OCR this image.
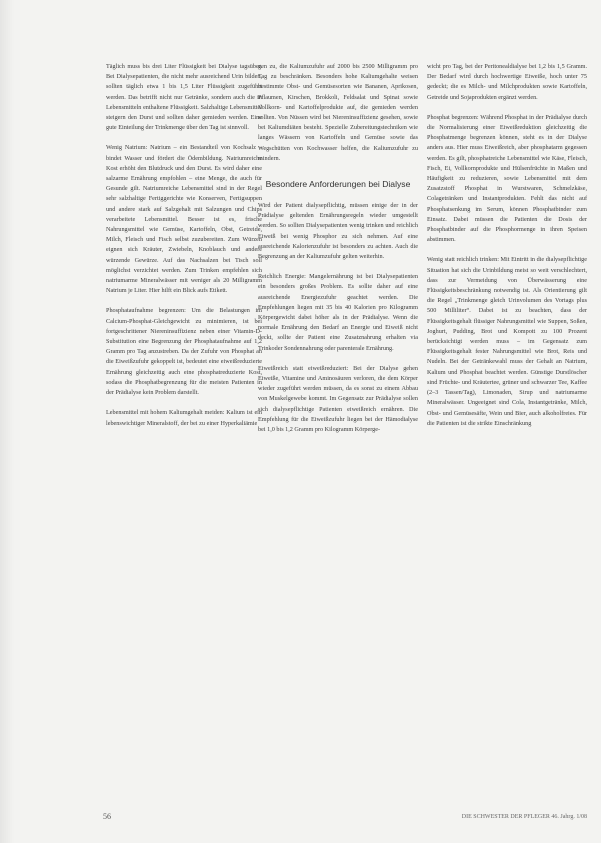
Täglich muss bis drei Liter Flüssigkeit bei Dialyse tagsüber. Bei Dialysepatienten, die nicht mehr ausreichend Urin bilden, sollten täglich etwa 1 bis 1,5 Liter Flüssigkeit zugeführt werden. Das betrifft nicht nur Getränke, sondern auch die in Lebensmitteln enthaltene Flüssigkeit. Salzhaltige Lebensmittel steigern den Durst und sollten daher gemieden werden. Eine gute Einteilung der Trinkmenge über den Tag ist sinnvoll.

Wenig Natrium: Natrium – ein Bestandteil von Kochsalz – bindet Wasser und fördert die Ödembildung. Natriumreiche Kost erhöht den Blutdruck und den Durst. Es wird daher eine salzarme Ernährung empfohlen – eine Menge, die auch für Gesunde gilt. Natriumreiche Lebensmittel sind in der Regel sehr salzhaltige Fertiggerichte wie Konserven, Fertigsuppen und andere stark auf Salzgehalt mit Salzungen und Chips verarbeitete Lebensmittel. Besser ist es, frische Nahrungsmittel wie Gemüse, Kartoffeln, Obst, Getreide, Milch, Fleisch und Fisch selbst zuzubereiten. Zum Würzen eignen sich Kräuter, Zwiebeln, Knoblauch und andere würzende Gewürze. Auf das Nachsalzen bei Tisch soll möglichst verzichtet werden. Zum Trinken empfehlen sich natriumarme Mineralwässer mit weniger als 20 Milligramm Natrium je Liter. Hier hilft ein Blick aufs Etikett.

Phosphataufnahme begrenzen: Um die Belastungen im Calcium-Phosphat-Gleichgewicht zu minimieren, ist bei fortgeschrittener Niereninsuffizienz neben einer Vitamin-D-Substitution eine Begrenzung der Phosphataufnahme auf 1,2 Gramm pro Tag anzustreben. Da der Zufuhr von Phosphat an die Eiweißzufuhr gekoppelt ist, bedeutet eine eiweißreduzierte Ernährung gleichzeitig auch eine phosphatreduzierte Kost, sodass die Phosphatbegrenzung für die meisten Patienten in der Prädialyse kein Problem darstellt.

Lebensmittel mit hohem Kaliumgehalt meiden: Kalium ist ein lebenswichtiger Mineralstoff, der bei zu einer Hyperkaliämie

gen zu, die Kaliumzufuhr auf 2000 bis 2500 Milligramm pro Tag zu beschränken. Besonders hohe Kaliumgehalte weisen bestimmte Obst- und Gemüsesorten wie Bananen, Aprikosen, Pflaumen, Kirschen, Brokkoli, Feldsalat und Spinat sowie Vollkorn- und Kartoffelprodukte auf, die gemieden werden sollten. Von Nüssen wird bei Niereninsuffizienz gesehen, sowie bei Kaliumdiäten besteht. Spezielle Zubereitungstechniken wie langes Wässern von Kartoffeln und Gemüse sowie das Wegschütten von Kochwasser helfen, die Kaliumzufuhr zu mindern.

Besondere Anforderungen bei Dialyse

Wird der Patient dialysepflichtig, müssen einige der in der Prädialyse geltenden Ernährungsregeln wieder umgestellt werden. So sollten Dialysepatienten wenig trinken und reichlich Eiweiß bei wenig Phosphor zu sich nehmen. Auf eine ausreichende Kalorienzufuhr ist besonders zu achten. Auch die Begrenzung an der Kaliumzufuhr gelten weiterhin.

Reichlich Energie: Mangelernährung ist bei Dialysepatienten ein besonders großes Problem. Es sollte daher auf eine ausreichende Energiezufuhr geachtet werden. Die Empfehlungen liegen mit 35 bis 40 Kalorien pro Kilogramm Körpergewicht dabei höher als in der Prädialyse. Wenn die normale Ernährung den Bedarf an Energie und Eiweiß nicht deckt, sollte der Patient eine Zusatznahrung erhalten via Trinkoder Sondennahrung oder parenterale Ernährung.

Eiweißreich statt eiweißreduziert: Bei der Dialyse gehen Eiweiße, Vitamine und Aminosäuren verloren, die dem Körper wieder zugeführt werden müssen, da es sonst zu einem Abbau von Muskelgewebe kommt. Im Gegensatz zur Prädialyse sollen sich dialysepflichtige Patienten eiweißreich ernähren. Die Empfehlung für die Eiweißzufuhr liegen bei der Hämodialyse bei 1,0 bis 1,2 Gramm pro Kilogramm Körperge-

wicht pro Tag, bei der Peritonealdialyse bei 1,2 bis 1,5 Gramm. Der Bedarf wird durch hochwertige Eiweiße, hoch unter 75 gedeckt; die es Milch- und Milchprodukten sowie Kartoffeln, Getreide und Sojaprodukten ergänzt werden.

Phosphat begrenzen: Während Phosphat in der Prädialyse durch die Normalisierung einer Eiweißreduktion gleichzeitig die Phosphatmenge begrenzen können, steht es in der Dialyse anders aus. Hier muss Eiweißreich, aber phosphatarm gegessen werden. Es gilt, phosphatreiche Lebensmittel wie Käse, Fleisch, Fisch, Ei, Vollkornprodukte und Hülsenfrüchte in Maßen und Häufigkeit zu reduzieren, sowie Lebensmittel mit dem Zusatzstoff Phosphat in Wurstwaren, Schmelzkäse, Colagetränken und Instantprodukten. Fehlt das nicht auf Phosphatsenkung im Serum, können Phosphatbinder zum Einsatz. Dabei müssen die Patienten die Dosis der Phosphatbinder auf die Phosphormenge in ihren Speisen abstimmen.

Wenig statt reichlich trinken: Mit Eintritt in die dialysepflichtige Situation hat sich die Urinbildung meist so weit verschlechtert, dass zur Vermeidung von Überwässerung eine Flüssigkeitsbeschränkung notwendig ist. Als Orientierung gilt die Regel „Trinkmenge gleich Urinvolumen des Vortags plus 500 Milliliter“. Dabei ist zu beachten, dass der Flüssigkeitsgehalt flüssiger Nahrungsmittel wie Suppen, Soßen, Joghurt, Pudding, Brot und Kompott zu 100 Prozent berücksichtigt werden muss – im Gegensatz zum Flüssigkeitsgehalt fester Nahrungsmittel wie Brot, Reis und Nudeln. Bei der Getränkewahl muss der Gehalt an Natrium, Kalium und Phosphat beachtet werden. Günstige Durstlöscher sind Früchte- und Kräutertee, grüner und schwarzer Tee, Kaffee (2–3 Tassen/Tag), Limonaden, Sirup und natriumarme Mineralwässer. Ungeeignet sind Cola, Instantgetränke, Milch, Obst- und Gemüsesäfte, Wein und Bier, auch alkoholfreies. Für die Patienten ist die strikte Einschränkung

56	DIE SCHWESTER DER PFLEGER 46. Jahrg. 1/08
